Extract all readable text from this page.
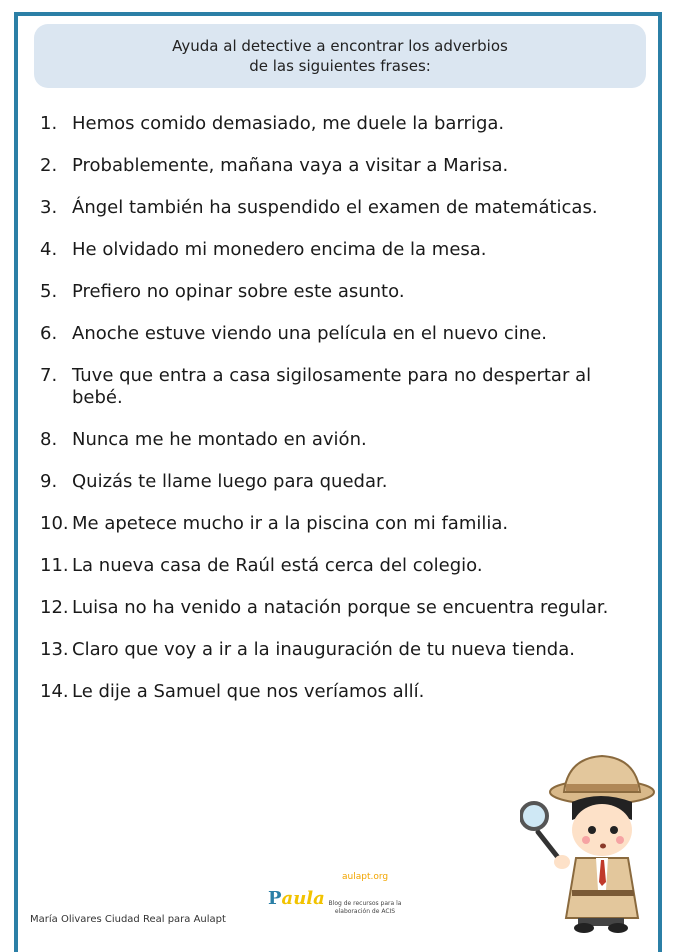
Ayuda al detective a encontrar los adverbios
de las siguientes frases:
1. Hemos comido demasiado, me duele la barriga.
2. Probablemente, mañana vaya a visitar a Marisa.
3. Ángel también ha suspendido el examen de matemáticas.
4. He olvidado mi monedero encima de la mesa.
5. Prefiero no opinar sobre este asunto.
6. Anoche estuve viendo una película en el nuevo cine.
7. Tuve que entra a casa sigilosamente para no despertar al bebé.
8. Nunca me he montado en avión.
9. Quizás te llame luego para quedar.
10. Me apetece mucho ir a la piscina con mi familia.
11. La nueva casa de Raúl está cerca del colegio.
12. Luisa no ha venido a natación porque se encuentra regular.
13. Claro que voy a ir a la inauguración de tu nueva tienda.
14. Le dije a Samuel que nos veríamos allí.
María Olivares Ciudad Real para Aulapt
aulapt.org
Paula Blog de recursos para la elaboración de ACIS
